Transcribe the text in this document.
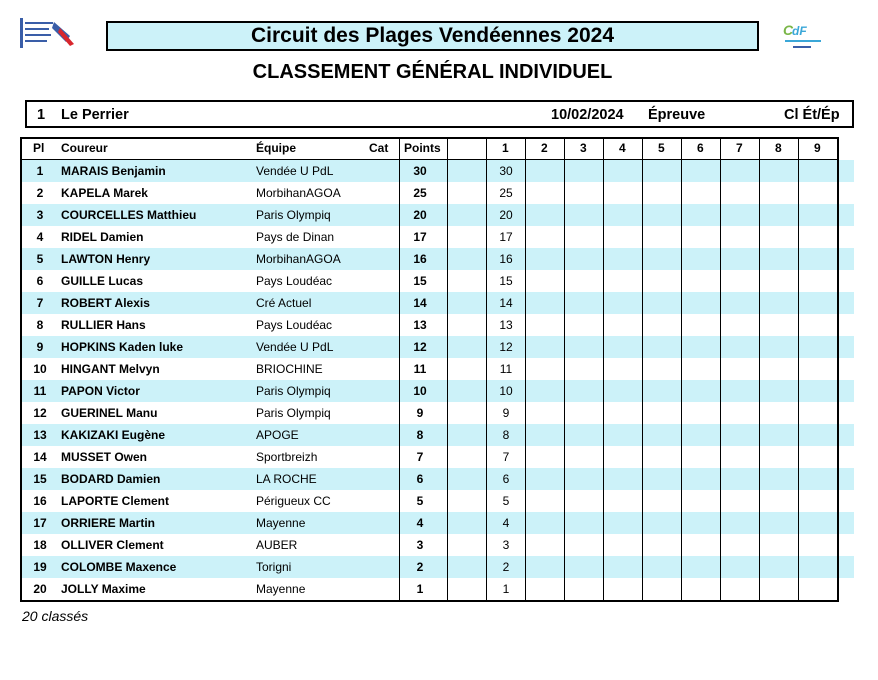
C
dF
Circuit des Plages Vendéennes 2024
CLASSEMENT GÉNÉRAL INDIVIDUEL
1 Le Perrier	10/02/2024 Épreuve	Cl Ét/Ép
1 MARAIS Benjamin	Vendée U PdL	30	30
2 KAPELA Marek	MorbihanAGOA	25	25
3 COURCELLES Matthieu	Paris Olympiq	20	20
4 RIDEL Damien	Pays de Dinan	17	17
5 LAWTON Henry	MorbihanAGOA	16	16
6 GUILLE Lucas	Pays Loudéac	15	15
7 ROBERT Alexis	Cré Actuel	14	14
8 RULLIER Hans	Pays Loudéac	13	13
9 HOPKINS Kaden luke	Vendée U PdL	12	12
10 HINGANT Melvyn	BRIOCHINE	11	11
11 PAPON Victor	Paris Olympiq	10	10
12 GUERINEL Manu	Paris Olympiq	9	9
13 KAKIZAKI Eugène	APOGE	8	8
14 MUSSET Owen	Sportbreizh	7	7
15 BODARD Damien	LA ROCHE	6	6
16 LAPORTE Clement	Périgueux CC	5	5
17 ORRIERE Martin	Mayenne	4	4
18 OLLIVER Clement	AUBER	3	3
19 COLOMBE Maxence	Torigni	2	2
20 JOLLY Maxime	Mayenne	1	1
Pl Coureur	Équipe	Cat Points	1	2	3	4	5	6	7	8	9
20 classés
